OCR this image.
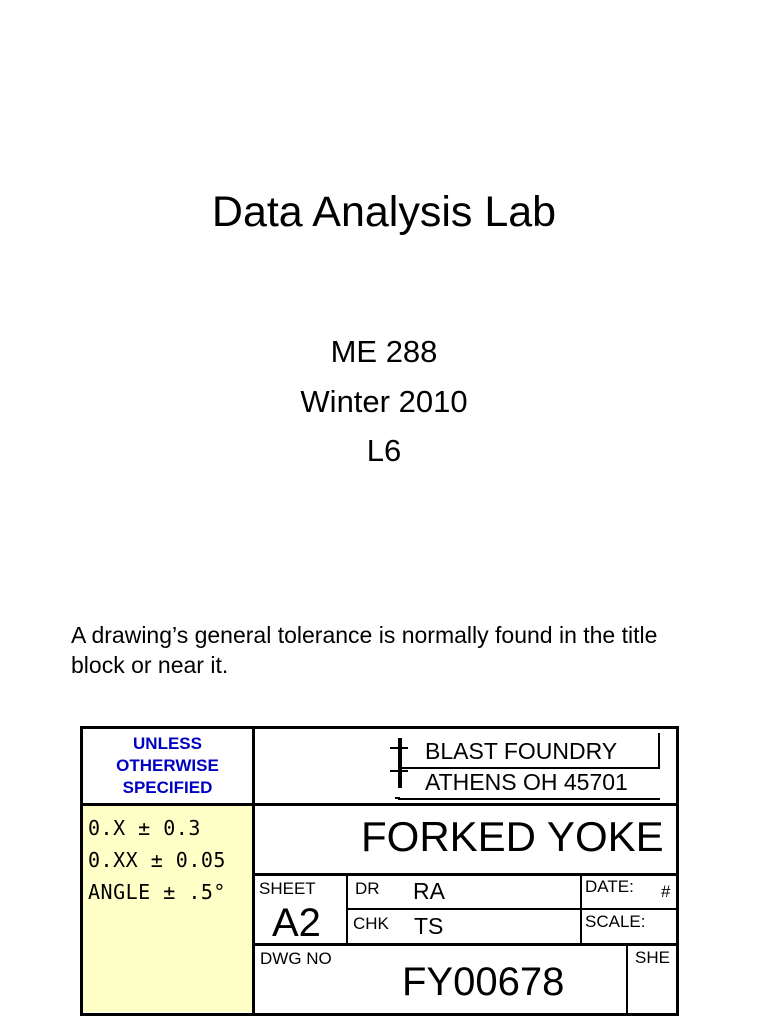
Data Analysis Lab
ME 288
Winter 2010
L6
A drawing’s general tolerance is normally found in the title block or near it.
UNLESS
OTHERWISE
SPECIFIED
0.X ± 0.3
0.XX ± 0.05
ANGLE ± .5°
BLAST FOUNDRY
ATHENS OH 45701
FORKED YOKE
SHEET
A2
DR RA
CHK TS
DATE: #
SCALE:
DWG NO
FY00678
SHE
